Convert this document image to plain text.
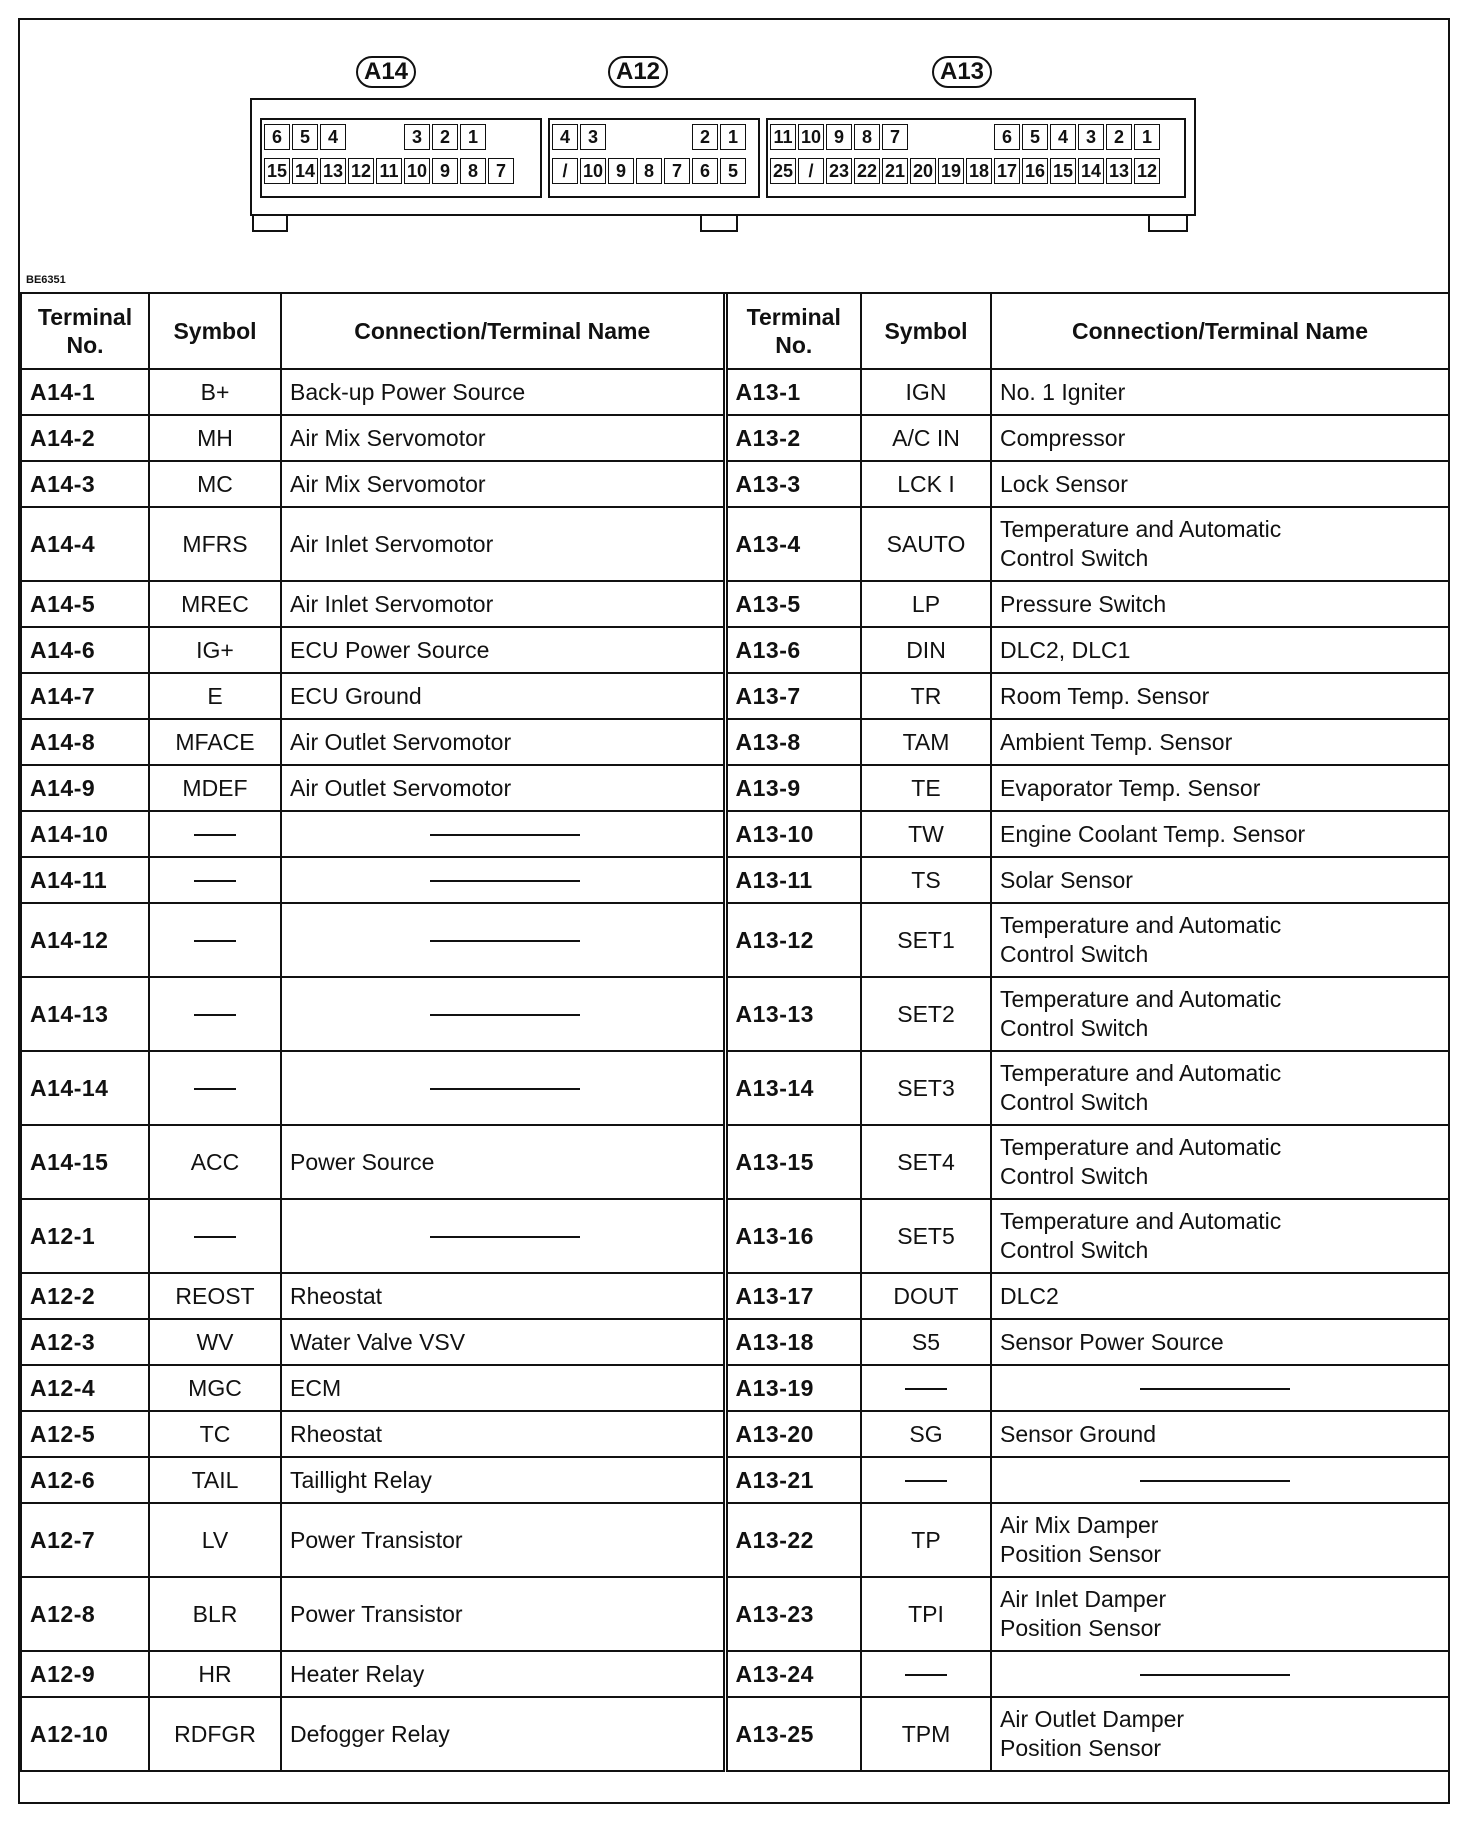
A14	A12	A13
6 5 4	3 2 1
15 14 13 12 11 10 9 8 7
4 3	2 1
/ 10 9 8 7 6 5
11 10 9 8 7	6 5 4 3 2 1
25 / 23 22 21 20 19 18 17 16 15 14 13 12
BE6351
Terminal
No.	Symbol	Connection/Terminal Name	Terminal
No.	Symbol	Connection/Terminal Name
A14-1	B+	Back-up Power Source	A13-1	IGN	No. 1 Igniter
A14-2	MH	Air Mix Servomotor	A13-2	A/C IN	Compressor
A14-3	MC	Air Mix Servomotor	A13-3	LCK I	Lock Sensor
A14-4	MFRS	Air Inlet Servomotor	A13-4	SAUTO	Temperature and Automatic
Control Switch
A14-5	MREC	Air Inlet Servomotor	A13-5	LP	Pressure Switch
A14-6	IG+	ECU Power Source	A13-6	DIN	DLC2, DLC1
A14-7	E	ECU Ground	A13-7	TR	Room Temp. Sensor
A14-8	MFACE	Air Outlet Servomotor	A13-8	TAM	Ambient Temp. Sensor
A14-9	MDEF	Air Outlet Servomotor	A13-9	TE	Evaporator Temp. Sensor
A14-10			A13-10	TW	Engine Coolant Temp. Sensor
A14-11			A13-11	TS	Solar Sensor
A14-12			A13-12	SET1	Temperature and Automatic
Control Switch
A14-13			A13-13	SET2	Temperature and Automatic
Control Switch
A14-14			A13-14	SET3	Temperature and Automatic
Control Switch
A14-15	ACC	Power Source	A13-15	SET4	Temperature and Automatic
Control Switch
A12-1			A13-16	SET5	Temperature and Automatic
Control Switch
A12-2	REOST	Rheostat	A13-17	DOUT	DLC2
A12-3	WV	Water Valve VSV	A13-18	S5	Sensor Power Source
A12-4	MGC	ECM	A13-19		
A12-5	TC	Rheostat	A13-20	SG	Sensor Ground
A12-6	TAIL	Taillight Relay	A13-21		
A12-7	LV	Power Transistor	A13-22	TP	Air Mix Damper
Position Sensor
A12-8	BLR	Power Transistor	A13-23	TPI	Air Inlet Damper
Position Sensor
A12-9	HR	Heater Relay	A13-24		
A12-10	RDFGR	Defogger Relay	A13-25	TPM	Air Outlet Damper
Position Sensor
